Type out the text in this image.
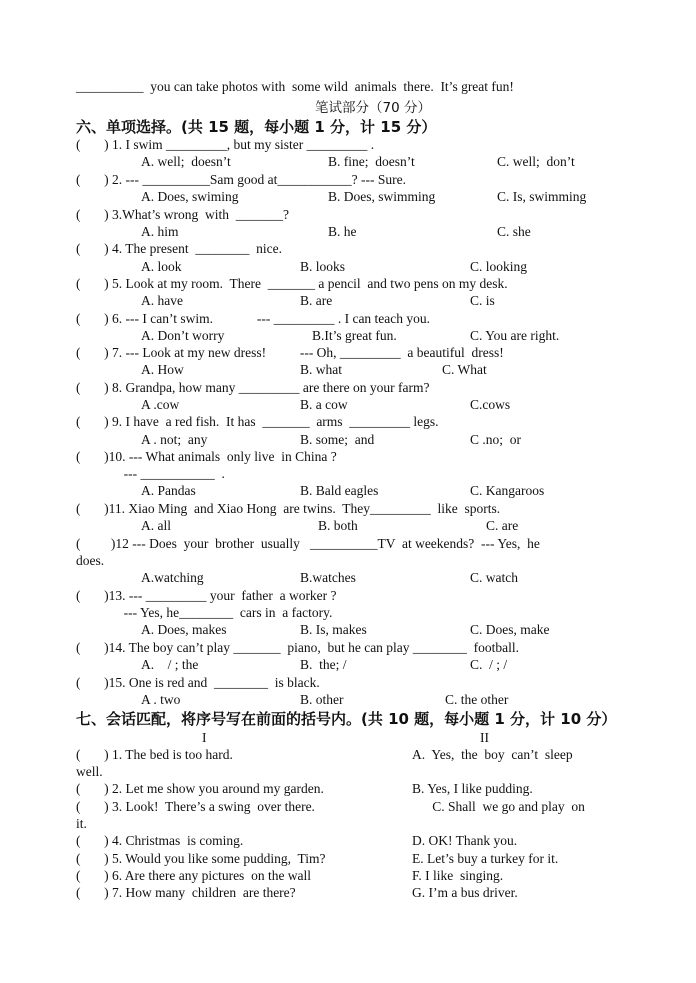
__________  you can take photos with  some wild  animals  there.  It’s great fun!
笔试部分（70 分）
六、单项选择。(共 15 题，每小题 1 分，计 15 分）
(       ) 1. I swim _________, but my sister _________ .
A. well;  doesn’t	B. fine;  doesn’t	C. well;  don’t
(       ) 2. --- __________Sam good at___________? --- Sure.
A. Does, swiming	B. Does, swimming	C. Is, swimming
(       ) 3.What’s wrong  with  _______?
A. him	B. he	C. she
(       ) 4. The present  ________  nice.
A. look	B. looks	C. looking
(       ) 5. Look at my room.  There  _______ a pencil  and two pens on my desk.
A. have	B. are	C. is
(       ) 6. --- I can’t swim.             --- _________ . I can teach you.
A. Don’t worry	B.It’s great fun.	C. You are right.
(       ) 7. --- Look at my new dress!          --- Oh, _________  a beautiful  dress!
A. How	B. what	C. What
(       ) 8. Grandpa, how many _________ are there on your farm?
A .cow	B. a cow	C.cows
(       ) 9. I have  a red fish.  It has  _______  arms  _________ legs.
A . not;  any	B. some;  and	C .no;  or
(       )10. --- What animals  only live  in China ?
--- ___________  .
A. Pandas	B. Bald eagles	C. Kangaroos
(       )11. Xiao Ming  and Xiao Hong  are twins.  They_________  like  sports.
A. all	B. both	C. are
(         )12 --- Does  your  brother  usually   __________TV  at weekends?  --- Yes,  he
does.
A.watching	B.watches	C. watch
(       )13. --- _________ your  father  a worker ?
--- Yes, he________  cars in  a factory.
A. Does, makes	B. Is, makes	C. Does, make
(       )14. The boy can’t play _______  piano,  but he can play ________  football.
A.    / ; the	B.  the; /	C.  / ; /
(       )15. One is red and  ________  is black.
A . two	B. other	C. the other
七、会话匹配，将序号写在前面的括号内。(共 10 题，每小题 1 分，计 10 分）
I	II
(       ) 1. The bed is too hard.	A.  Yes,  the  boy  can’t  sleep
well.
(       ) 2. Let me show you around my garden.	B. Yes, I like pudding.
(       ) 3. Look!  There’s a swing  over there.	C. Shall  we go and play  on
it.
(       ) 4. Christmas  is coming.	D. OK! Thank you.
(       ) 5. Would you like some pudding,  Tim?	E. Let’s buy a turkey for it.
(       ) 6. Are there any pictures  on the wall	F. I like  singing.
(       ) 7. How many  children  are there?	G. I’m a bus driver.
